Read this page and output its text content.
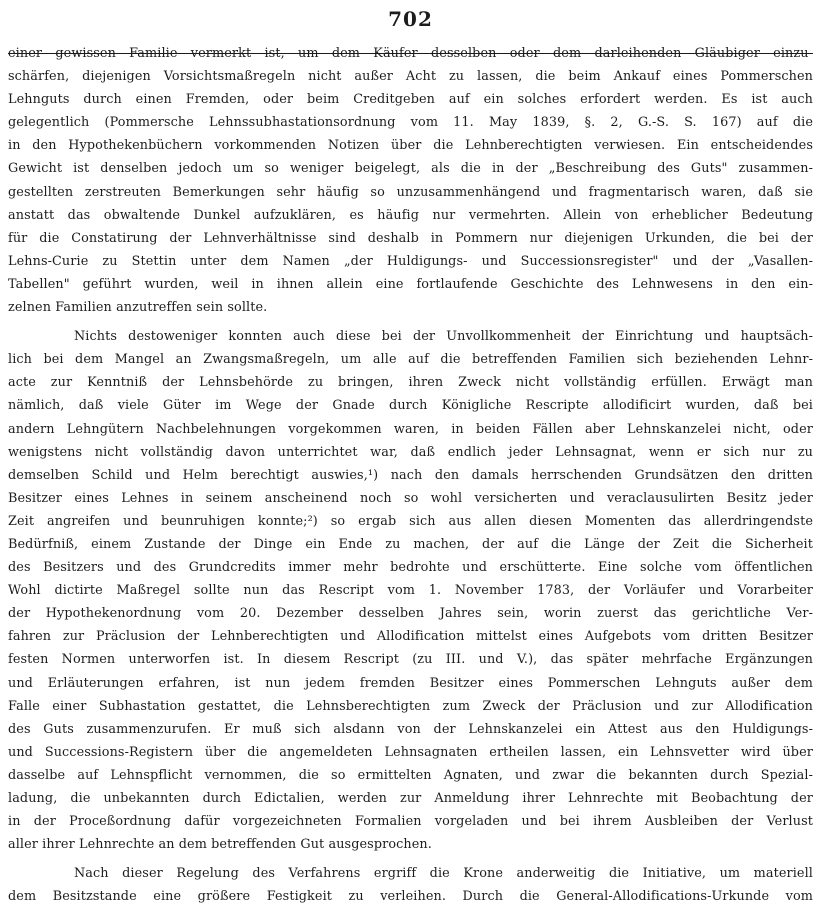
702
einer gewissen Familie vermerkt ist, um dem Käufer desselben oder dem darleihenden Gläubiger einzu-
schärfen, diejenigen Vorsichtsmaßregeln nicht außer Acht zu lassen, die beim Ankauf eines Pommerschen
Lehnguts durch einen Fremden, oder beim Creditgeben auf ein solches erfordert werden. Es ist auch
gelegentlich (Pommersche Lehnssubhastationsordnung vom 11. May 1839, §. 2, G.-S. S. 167) auf die
in den Hypothekenbüchern vorkommenden Notizen über die Lehnberechtigten verwiesen. Ein entscheidendes
Gewicht ist denselben jedoch um so weniger beigelegt, als die in der „Beschreibung des Guts" zusammen-
gestellten zerstreuten Bemerkungen sehr häufig so unzusammenhängend und fragmentarisch waren, daß sie
anstatt das obwaltende Dunkel aufzuklären, es häufig nur vermehrten. Allein von erheblicher Bedeutung
für die Constatirung der Lehnverhältnisse sind deshalb in Pommern nur diejenigen Urkunden, die bei der
Lehns-Curie zu Stettin unter dem Namen „der Huldigungs- und Successionsregister" und der „Vasallen-
Tabellen" geführt wurden, weil in ihnen allein eine fortlaufende Geschichte des Lehnwesens in den ein-
zelnen Familien anzutreffen sein sollte.
Nichts destoweniger konnten auch diese bei der Unvollkommenheit der Einrichtung und hauptsäch-
lich bei dem Mangel an Zwangsmaßregeln, um alle auf die betreffenden Familien sich beziehenden Lehnr-
acte zur Kenntniß der Lehnsbehörde zu bringen, ihren Zweck nicht vollständig erfüllen. Erwägt man
nämlich, daß viele Güter im Wege der Gnade durch Königliche Rescripte allodificirt wurden, daß bei
andern Lehngütern Nachbelehnungen vorgekommen waren, in beiden Fällen aber Lehnskanzelei nicht, oder
wenigstens nicht vollständig davon unterrichtet war, daß endlich jeder Lehnsagnat, wenn er sich nur zu
demselben Schild und Helm berechtigt auswies,¹) nach den damals herrschenden Grundsätzen den dritten
Besitzer eines Lehnes in seinem anscheinend noch so wohl versicherten und veraclausulirten Besitz jeder
Zeit angreifen und beunruhigen konnte;²) so ergab sich aus allen diesen Momenten das allerdringendste
Bedürfniß, einem Zustande der Dinge ein Ende zu machen, der auf die Länge der Zeit die Sicherheit
des Besitzers und des Grundcredits immer mehr bedrohte und erschütterte. Eine solche vom öffentlichen
Wohl dictirte Maßregel sollte nun das Rescript vom 1. November 1783, der Vorläufer und Vorarbeiter
der Hypothekenordnung vom 20. Dezember desselben Jahres sein, worin zuerst das gerichtliche Ver-
fahren zur Präclusion der Lehnberechtigten und Allodification mittelst eines Aufgebots vom dritten Besitzer
festen Normen unterworfen ist. In diesem Rescript (zu III. und V.), das später mehrfache Ergänzungen
und Erläuterungen erfahren, ist nun jedem fremden Besitzer eines Pommerschen Lehnguts außer dem
Falle einer Subhastation gestattet, die Lehnsberechtigten zum Zweck der Präclusion und zur Allodification
des Guts zusammenzurufen. Er muß sich alsdann von der Lehnskanzelei ein Attest aus den Huldigungs-
und Successions-Registern über die angemeldeten Lehnsagnaten ertheilen lassen, ein Lehnsvetter wird über
dasselbe auf Lehnspflicht vernommen, die so ermittelten Agnaten, und zwar die bekannten durch Spezial-
ladung, die unbekannten durch Edictalien, werden zur Anmeldung ihrer Lehnrechte mit Beobachtung der
in der Proceßordnung dafür vorgezeichneten Formalien vorgeladen und bei ihrem Ausbleiben der Verlust
aller ihrer Lehnrechte an dem betreffenden Gut ausgesprochen.
Nach dieser Regelung des Verfahrens ergriff die Krone anderweitig die Initiative, um materiell
dem Besitzstande eine größere Festigkeit zu verleihen. Durch die General-Allodifications-Urkunde vom
